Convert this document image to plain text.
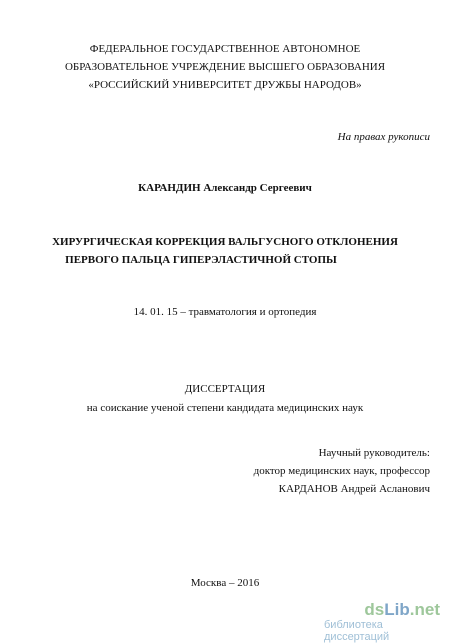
ФЕДЕРАЛЬНОЕ ГОСУДАРСТВЕННОЕ АВТОНОМНОЕ
ОБРАЗОВАТЕЛЬНОЕ УЧРЕЖДЕНИЕ ВЫСШЕГО ОБРАЗОВАНИЯ
«РОССИЙСКИЙ УНИВЕРСИТЕТ ДРУЖБЫ НАРОДОВ»
На правах рукописи
КАРАНДИН Александр Сергеевич
ХИРУРГИЧЕСКАЯ КОРРЕКЦИЯ ВАЛЬГУСНОГО ОТКЛОНЕНИЯ
ПЕРВОГО ПАЛЬЦА ГИПЕРЭЛАСТИЧНОЙ СТОПЫ
14. 01. 15 – травматология и ортопедия
ДИССЕРТАЦИЯ
на соискание ученой степени кандидата медицинских наук
Научный руководитель:
доктор медицинских наук, профессор
КАРДАНОВ Андрей Асланович
Москва – 2016
dsLib.net
библиотека диссертаций
